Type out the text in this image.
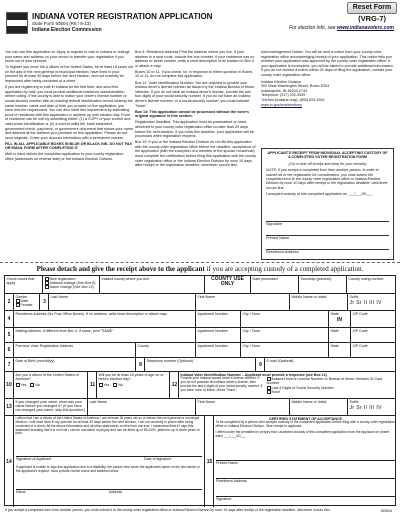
Reset Form
INDIANA VOTER REGISTRATION APPLICATION
State Form 50504 (R8 / 8-13)
Indiana Election Commission
(VRG-7)
For election info, see www.indianavoters.com

You can use this application to: Apply to register to vote in Indiana or change your name and address on your record or transfer your registration if you move out of your precinct.

To register you must: Be a citizen of the United States; be at least 18 years old on the day of the next general or municipal election; have lived in your precinct for at least 30 days before the next election; and not currently be imprisoned after being convicted of a crime.

If you are registering to vote in Indiana for the first time, and send this application by mail, you must provide additional residence documentation before voting. If the county is able to match your driver's license number or social security number with an existing federal identification record bearing the same number, name and date of birth you provide on the application, you have met the requirement. You can also meet this requirement by submitting proof of residence with this application or anytime up until election day. Proof of residence can be met by submitting either: (1) a COPY of your current and valid photo identification or (2) a current utility bill, bank statement, government check, paycheck, or government document that shows your name and address at the address you provided on this application. Please do not send originals. Cover your account information with a permanent marker.

FILL IN ALL APPLICABLE BOXES IN BLUE OR BLACK INK. DO NOT FAX OR EMAIL FORM AFTER COMPLETING IT.

Mail or hand deliver the completed application to your county registration office (addresses on reverse side) or the Indiana Election Division.

Box 4: Residence Address Print the address where you live. If your address is a rural route, include the box number. If your residence has no address or street number, write a short description of its location in Box 4 or attach a map.

Boxes 10 or 11: If you check 'no' in response to either question in Boxes 10 or 11, do not complete this application.

Box 12: Voter Identification Number: You are required to provide your Indiana driver's license number as issued by the Indiana Bureau of Motor Vehicles. If you do not have an Indiana driver's license, provide the last four digits of your social security number. If you do not have an Indiana driver's license number, or a social security number, you must indicate "None".

Box 14: This application cannot be processed without the voter's original signature in this section.

Registration Deadline: This application must be postmarked or hand-delivered to your county voter registration office no later than 29 days before the next election. If you miss this deadline, your application will be processed when registration reopens.

Box 15: If you or the Indiana Election Division do not file this application with the county voter registration office before the deadline, acceptance of the application (with the exception of a member of the spouse household) must complete the certification before filing this application with the county voter registration office or the Indiana Election Division by noon 10 days after receipt or the registration deadline, whichever occurs first.

Acknowledgement Notice: You will be sent a notice from your county voter registration office acknowledging receipt of your application. This notice tells you whether your application was approved by the county voter registration office. If your application is incomplete, you will be asked to provide additional information. If you do not receive a notice within 20 days of filing the application, contact your county voter registration office.

Indiana Election Division
302 West Washington Street, Room E204
Indianapolis, IN 46204-2743
Telephone: (317) 232-3939
Toll-free (Indiana only): (800) 622-4941
www.in.gov/sos/elections
APPLICANT'S RECEIPT FROM INDIVIDUAL ACCEPTING CUSTODY OF A COMPLETED VOTER REGISTRATION FORM
(Cut or tear off receipt and keep for your records)
NOTE: If you accept a completed form from another person, in order to submit his or her registration for consideration, you must submit the completed form to the county voter registration office or Indiana Election Division by noon 10 days after receipt or the registration deadline, whichever occurs first.
I accepted custody of this completed application on ___/___/20___.
Signature
Printed Name
Residence Address
Please detach and give the receipt above to the applicant if you are accepting custody of a completed application.
Check boxes that apply
New registration
Address change (See Box 6)
Name change (See Box 12)
Indiana county where you live	COUNTY USE ONLY
Date processed	Township (precinct)	County voting number
2
Gender
Male
Female
3
Last Name	First Name	Middle Name or Initial	Suffix
Jr Sr II III IV
4
Residence Address (No Post Office Boxes). If no address, write short description or attach map.	Apartment Number	City / Town	State
IN
ZIP Code
5
Mailing Address, if different from Box 4. If same, print "SAME"	Apartment Number	City / Town	State	ZIP Code
6
Previous Voter Registration Address	County	Apartment Number	City / Town	State	ZIP Code
7
Date of Birth (mm/dd/yy)
8
Telephone number (Optional)
9
E-mail (Optional)
10
Are you a citizen of the United States of America?
Yes	No	11
Will you be at least 18 years of age on or before election day?
Yes	No	12
Indiana Voter Identification Number – Applicant must provide a response (see Box 12)
Provide your Indiana issued driver's license number. If you do not possess an Indiana driver's license, then provide the last 4 digits of your social security number. If you have none of these, check "None".
Indiana Driver's License Number or Bureau of Motor Vehicles ID Card Number
Last 4 Digits of Social Security Number
None
13
If you changed your name, what was your name before you changed it? (If you have not changed your name, skip this question.)
Last Name	First Name	Middle Name or Initial	Suffix
Jr Sr II III IV
14
I affirm that I am a citizen of the United States of America; I am at least 18 years old on or before the next general or municipal election; I will have lived in my precinct for at least 30 days before the next election; I am not currently in prison after being convicted of a crime; All the above information and all other statements on this form are true; I understand that if I sign this statement knowing that it is not true I can be convicted of perjury and can be fined up to $10,000, jailed for up to three years or both.
Signature of Applicant	Date of signature
If applicant is unable to sign this application due to a disability, the person who wrote the applicant's name on the line above or the applicant's request, must provide his/her name and address below.
Name	Address
15
CERTIFIED STATEMENT OF ACCEPTANCE
To be completed by a person who accepts custody of the completed application before filing with a county voter registration office or Indiana Election Division. Give receipt to applicant.
I affirm under the penalties for perjury that I accepted custody of this completed application from the applicant on (insert date) ___/___/20___.
Printed Name
Residence Address
Signature
If you accept a completed form from another person, you must submit it to the county voter registration office or Indiana Election Division by noon 10 days after receipt or the registration deadline, whichever occurs first.	50504
